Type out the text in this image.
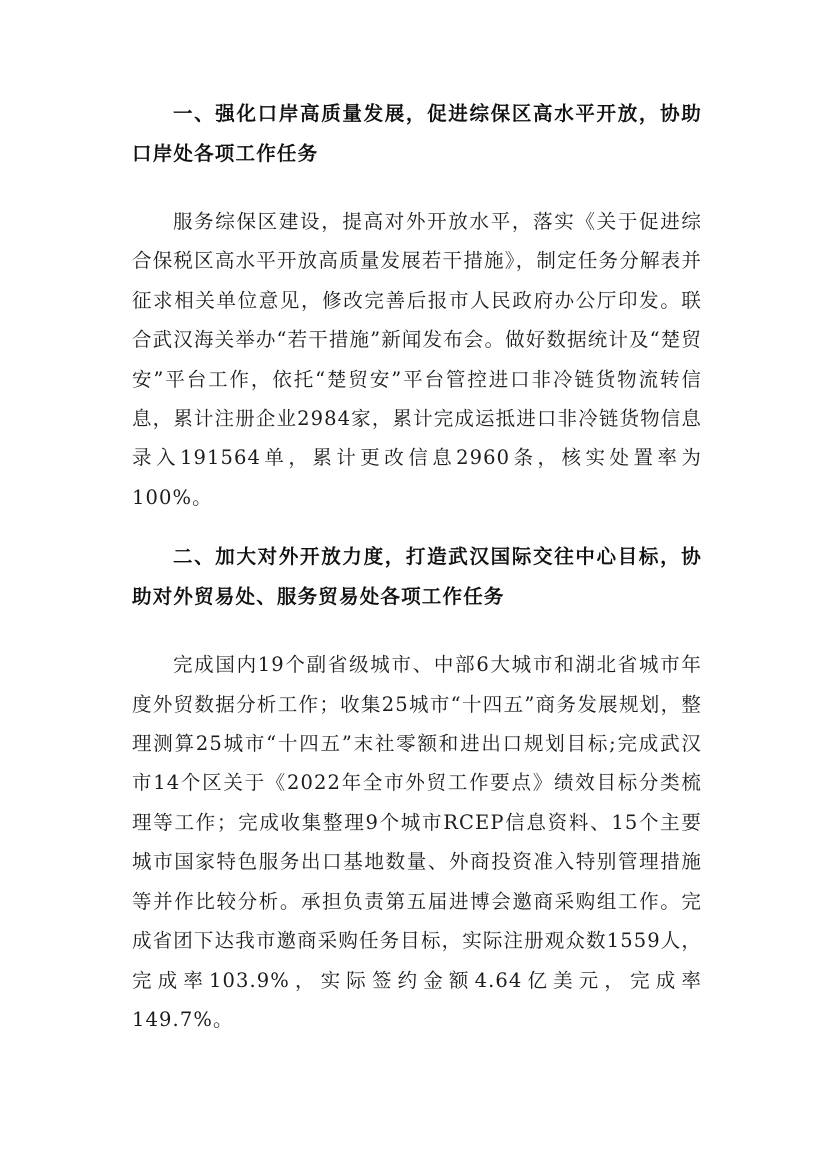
一、强化口岸高质量发展，促进综保区高水平开放，协助口岸处各项工作任务

服务综保区建设，提高对外开放水平，落实《关于促进综合保税区高水平开放高质量发展若干措施》，制定任务分解表并征求相关单位意见，修改完善后报市人民政府办公厅印发。联合武汉海关举办“若干措施”新闻发布会。做好数据统计及“楚贸安”平台工作，依托“楚贸安”平台管控进口非冷链货物流转信息，累计注册企业2984家，累计完成运抵进口非冷链货物信息录入191564单，累计更改信息2960条，核实处置率为100%。

二、加大对外开放力度，打造武汉国际交往中心目标，协助对外贸易处、服务贸易处各项工作任务

完成国内19个副省级城市、中部6大城市和湖北省城市年度外贸数据分析工作；收集25城市“十四五”商务发展规划，整理测算25城市“十四五”末社零额和进出口规划目标;完成武汉市14个区关于《2022年全市外贸工作要点》绩效目标分类梳理等工作；完成收集整理9个城市RCEP信息资料、15个主要城市国家特色服务出口基地数量、外商投资准入特别管理措施等并作比较分析。承担负责第五届进博会邀商采购组工作。完成省团下达我市邀商采购任务目标，实际注册观众数1559人，完成率103.9%，实际签约金额4.64亿美元，完成率149.7%。
